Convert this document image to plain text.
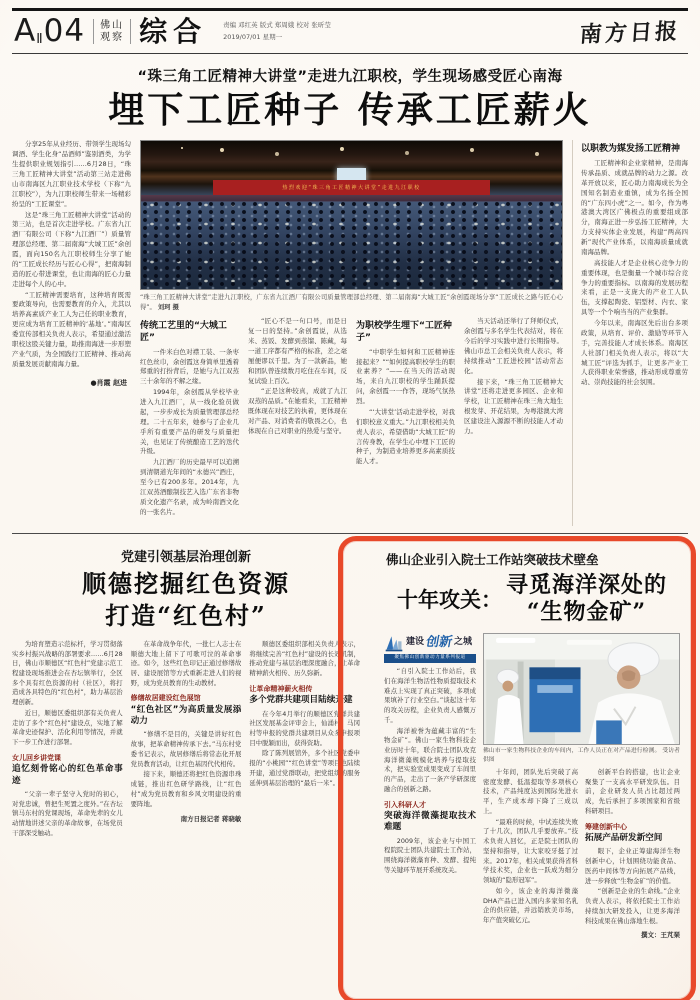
AⅡ04 佛山
观察 综合 责编 邓红英 版式 郑周娥 校对 张昕莹
2019/07/01 星期一	南方日报
“珠三角工匠精神大讲堂”走进九江职校，学生现场感受匠心南海
埋下工匠种子 传承工匠薪火

分享25年从业经历、带领学生现场勾调酒、学生化身“品酒师”鉴别酒类，为学生提供职业规划指引……6月28日，“珠三角工匠精神大讲堂”活动第三站走进佛山市南海区九江职业技术学校（下称“九江职校”），为九江职校师生带来一场精彩纷呈的“工匠课堂”。

这是“珠三角工匠精神大讲堂”活动的第三站，也是首次走进学校。广东省九江酒厂有限公司（下称“九江酒厂”）质量管理部总经理、第二届南海“大城工匠”余创霞，面向150名九江职校师生分享了她的“工匠成长经历与匠心心得”，把南海制造的匠心带进课堂，也让南海的匠心力量走进每个人的心中。

“工匠精神需要培育，这种培育既需要政策导向，也需要教育的介入，尤其以培养高素质产业工人为己任的职业教育，更应成为培育工匠精神的‘基地’。”南海区委宣传部相关负责人表示，希望通过激活职校这股关键力量，助推南海进一步形塑产业气质，为全国践行工匠精神、推动高质量发展贡献南海力量。

●肖霞 赵进
热烈欢迎“珠三角工匠精神大讲堂”走进九江职校
“珠三角工匠精神大讲堂”走进九江职校，广东省九江酒厂有限公司质量管理部总经理、第二届南海“大城工匠”余创霞现场分享“工匠成长之路与匠心心得”。 刘珂 摄
传统工艺里的“大城工匠”

一件米白色对襟工装、一条枣红色丝巾，余创霞这身简单里透着郑重的打扮背后，是她与九江双蒸三十余年的不解之缘。

1994年，余创霞从学校毕业进入九江酒厂，从一线化验员做起，一步步成长为质量管理部总经理。二十五年来，她参与了企业几乎所有重要产品的研发与质量把关，也见证了传统酿造工艺的迭代升级。

九江酒厂的历史最早可以追溯到清朝道光年间的“永德兴”酒庄，至今已有200多年。2014年，九江双蒸酒酿制技艺入选广东省非物质文化遗产名录，成为岭南酒文化的一张名片。

“匠心不是一句口号，而是日复一日的坚持。”余创霞说，从选米、蒸饭、发酵到蒸馏、陈藏，每一道工序都有严格的标准，差之毫厘便谬以千里。为了一款新品，她和团队曾连续数月吃住在车间，反复试验上百次。

“正是这种较真，成就了九江双蒸的品质。”在她看来，工匠精神既体现在对技艺的执着，更体现在对产品、对消费者的敬畏之心，也体现在自己对职业的热爱与坚守。

为职校学生埋下“工匠种子”

“中职学生如何和工匠精神连接起来？”“如何提高职校学生的职业素养？”——在当天的活动现场，来自九江职校的学生踊跃提问，余创霞一一作答，现场气氛热烈。

“‘大讲堂’活动走进学校，对我们职校意义重大。”九江职校相关负责人表示，希望借助“大城工匠”的言传身教，在学生心中埋下工匠的种子，为制造业培养更多高素质技能人才。

当天活动还举行了拜师仪式，余创霞与多名学生代表结对，将在今后的学习实践中进行长期指导。佛山市总工会相关负责人表示，将持续推动“工匠进校园”活动常态化。

接下来，“珠三角工匠精神大讲堂”还将走进更多园区、企业和学校，让工匠精神在珠三角大地生根发芽、开花结果，为粤港澳大湾区建设注入源源不断的技能人才动力。

以职教为媒发扬工匠精神

工匠精神和企业家精神，是南海传承品质、成就品牌的动力之源。改革开放以来，匠心助力南海成长为全国知名制造业重镇，成为名扬全国的“广东四小虎”之一。如今，作为粤港澳大湾区广佛极点的重要组成部分，南海正进一步弘扬工匠精神，大力支持实体企业发展，构建“两高四新”现代产业体系，以南海质量成就南海品牌。

高技能人才是企业核心竞争力的重要体现，也是衡量一个城市综合竞争力的重要指标。以南海的发展历程来看，正是一支庞大的产业工人队伍，支撑起陶瓷、铝型材、内衣、家具等一个个响当当的产业集群。

今年以来，南海区先后出台多项政策，从培育、评价、激励等环节入手，完善技能人才成长体系。南海区人社部门相关负责人表示，将以“大城工匠”评选为抓手，让更多产业工人获得职业荣誉感，推动形成尊重劳动、崇尚技能的社会氛围。

党建引领基层治理创新
顺德挖掘红色资源
打造“红色村”

为培育塑造示范标杆，学习贯彻落实乡村振兴战略的部署要求……6月28日，佛山市顺德区“红色村”党建示范工程建设现场推进会在杏坛镇举行，全区多个具有红色资源的村（社区），将打造成各具特色的“红色村”，助力基层治理创新。

近日，顺德区委组织部有关负责人走访了多个“红色村”建设点，实地了解革命史迹保护、活化利用等情况，并就下一步工作进行部署。

女儿回乡讲党课
追忆刻骨铭心的红色革命事迹

“父亲一辈子坚守入党时的初心，对党忠诚，曾把生死置之度外。”在杏坛镇马东村的党课现场，革命先辈的女儿动情地讲述父亲的革命故事，在场党员干部深受触动。

在革命战争年代，一批仁人志士在顺德大地上留下了可歌可泣的革命事迹。如今，这些红色印记正通过修缮故居、建设展馆等方式重新走进人们的视野，成为党员教育的生动教材。

修缮故居建设红色展馆
“红色社区”为高质量发展添动力

“修缮不是目的，关键是讲好红色故事，把革命精神传承下去。”马东村党委书记表示，故居修缮后将常态化开展党员教育活动，让红色基因代代相传。

接下来，顺德还将把红色资源串珠成链，推出红色研学路线，让“红色村”成为党员教育和乡风文明建设的重要阵地。

南方日报记者 蒋晓敏

顺德区委组织部相关负责人表示，将继续完善“红色村”建设的长效机制，推动党建与基层治理深度融合，让革命精神薪火相传、历久弥新。

让革命精神薪火相传
多个党群共建项目陆续开建

在今年4月举行的顺德区党群共建社区发展基金评审会上，仙涌村、马冈村等申报的党群共建项目从众多申报项目中脱颖而出，获得资助。

除了陈列展馆外，多个社区党委申报的“小桃园”“红色讲堂”等项目也陆续开建，通过党群联动，把党组织的服务延伸到基层治理的“最后一米”。

佛山企业引入院士工作站突破技术壁垒
十年攻关：
寻觅海洋深处的
“生物金矿”
建设 创新 之城
聚焦佛山创新驱动力量系列报道

“自引入院士工作站后，我们在海洋生物活性物质提取技术难点上实现了真正突破，多项成果填补了行业空白。”谈起这十年的攻关历程，企业负责人感慨万千。

海洋被誉为蕴藏丰富的“生物金矿”。佛山一家生物科技企业历时十年，联合院士团队攻克海洋微藻规模化培养与提取技术，把实验室成果变成了车间里的产品，走出了一条产学研深度融合的创新之路。

引入科研人才
突破海洋微藻提取技术难题

2009年，该企业与中国工程院院士团队共建院士工作站，围绕海洋微藻育种、发酵、提纯等关键环节展开系统攻关。

佛山市一家生物科技企业的车间内，工作人员正在对产品进行检测。 受访者供图

十年间，团队先后突破了高密度发酵、低温提取等多项核心技术，产品纯度达到国际先进水平，生产成本却下降了三成以上。

“最难的时候，中试连续失败了十几次，团队几乎要放弃。”技术负责人回忆，正是院士团队的坚持和指导，让大家咬牙挺了过来。2017年，相关成果获得省科学技术奖，企业也一跃成为细分领域的“隐形冠军”。

如今，该企业的海洋微藻DHA产品已进入国内多家知名乳企的供应链，并远销欧美市场，年产值突破亿元。

创新平台的搭建，也让企业聚集了一支高水平研发队伍。目前，企业研发人员占比超过两成，先后承担了多项国家和省级科研项目。

筹建创新中心
拓展产品研发新空间

眼下，企业正筹建海洋生物创新中心，计划围绕功能食品、医药中间体等方向拓展产品线，进一步释放“生物金矿”的价值。

“创新是企业的生命线。”企业负责人表示，将依托院士工作站持续加大研发投入，让更多海洋科技成果在佛山落地生根。

撰文：王芃琹
